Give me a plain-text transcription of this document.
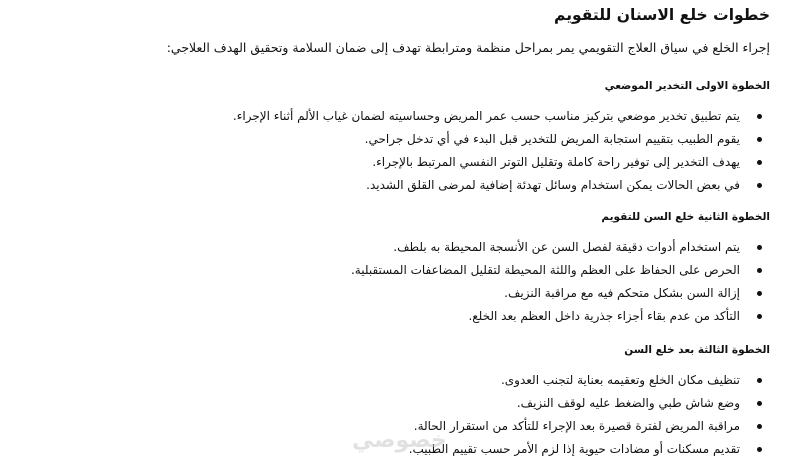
خطوات خلع الاسنان للتقويم

إجراء الخلع في سياق العلاج التقويمي يمر بمراحل منظمة ومترابطة تهدف إلى ضمان السلامة وتحقيق الهدف العلاجي:

الخطوة الاولى التخدير الموضعي
يتم تطبيق تخدير موضعي بتركيز مناسب حسب عمر المريض وحساسيته لضمان غياب الألم أثناء الإجراء.
يقوم الطبيب بتقييم استجابة المريض للتخدير قبل البدء في أي تدخل جراحي.
يهدف التخدير إلى توفير راحة كاملة وتقليل التوتر النفسي المرتبط بالإجراء.
في بعض الحالات يمكن استخدام وسائل تهدئة إضافية لمرضى القلق الشديد.
الخطوة الثانية خلع السن للتقويم
يتم استخدام أدوات دقيقة لفصل السن عن الأنسجة المحيطة به بلطف.
الحرص على الحفاظ على العظم واللثة المحيطة لتقليل المضاعفات المستقبلية.
إزالة السن بشكل متحكم فيه مع مراقبة النزيف.
التأكد من عدم بقاء أجزاء جذرية داخل العظم بعد الخلع.
الخطوة الثالثة بعد خلع السن
تنظيف مكان الخلع وتعقيمه بعناية لتجنب العدوى.
وضع شاش طبي والضغط عليه لوقف النزيف.
مراقبة المريض لفترة قصيرة بعد الإجراء للتأكد من استقرار الحالة.
تقديم مسكنات أو مضادات حيوية إذا لزم الأمر حسب تقييم الطبيب.
خصوصي
